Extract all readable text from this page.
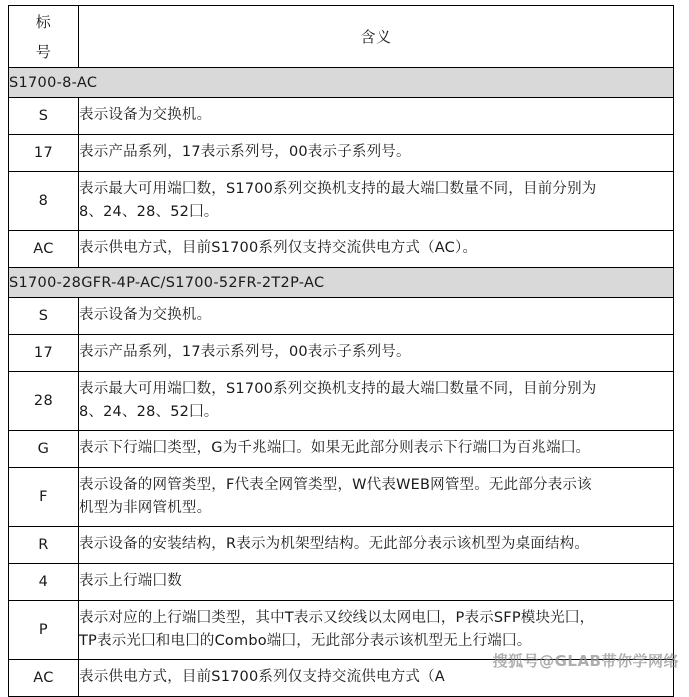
标
号	含义
S1700-8-AC	
S	表示设备为交换机。

17	表示产品系列，17表示系列号，00表示子系列号。

8	表示最大可用端囗数，S1700系列交换机支持的最大端囗数量不同，目前分别为

8、24、28、52囗。

AC	表示供电方式，目前S1700系列仅支持交流供电方式（AC）。

S1700-28GFR-4P-AC/S1700-52FR-2T2P-AC	
S	表示设备为交换机。

17	表示产品系列，17表示系列号，00表示子系列号。

28	表示最大可用端囗数，S1700系列交换机支持的最大端囗数量不同，目前分别为

8、24、28、52囗。

G	表示下行端囗类型，G为千兆端囗。如果无此部分则表示下行端囗为百兆端囗。

F	表示设备的网管类型，F代表全网管类型，W代表WEB网管型。无此部分表示该

机型为非网管机型。

R	表示设备的安装结构，R表示为机架型结构。无此部分表示该机型为桌面结构。

4	表示上行端囗数

P	表示对应的上行端囗类型，其中T表示又绞线以太网电囗，P表示SFP模块光囗，

TP表示光囗和电囗的Combo端囗，无此部分表示该机型无上行端囗。

AC	表示供电方式，目前S1700系列仅支持交流供电方式（A

搜狐号@GLAB带你学网络
